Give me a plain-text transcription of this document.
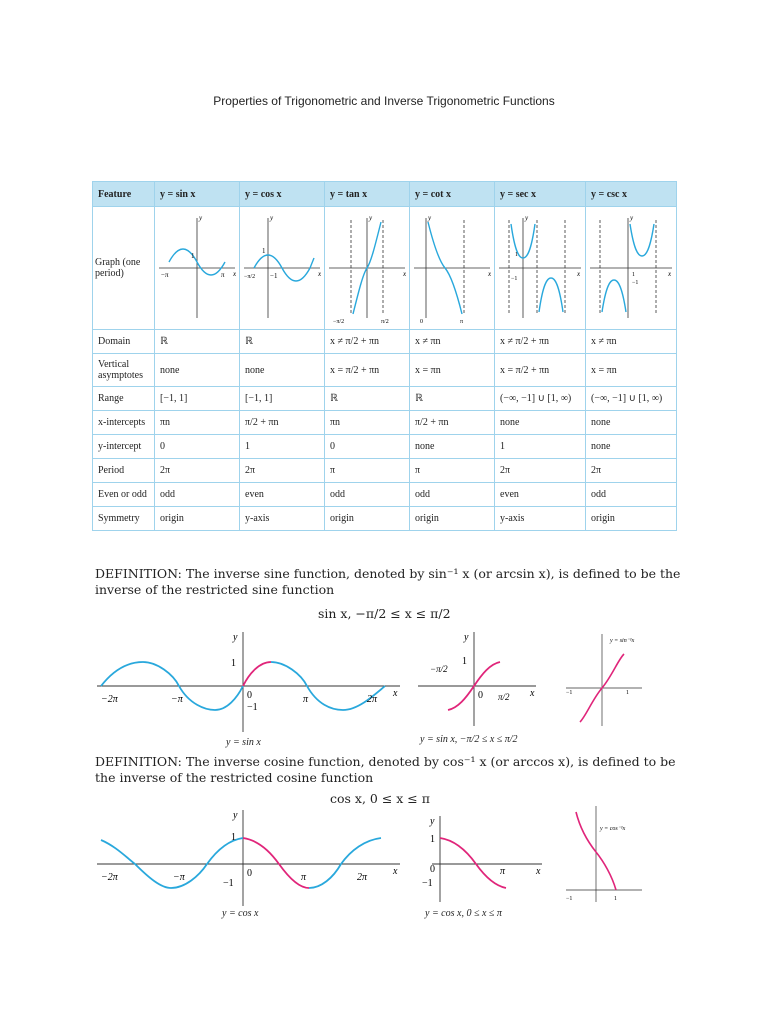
Properties of Trigonometric and Inverse Trigonometric Functions
Feature	y = sin x	y = cos x	y = tan x	y = cot x	y = sec x	y = csc x
Graph (one period)	y
x
1
−π π	y
x
1
−1
−π/2	y
x
−π/2 π/2	y
x
0 π	y
x
1
−1	y
x
1
−1

Domain	ℝ	ℝ	x ≠ π/2 + πn	x ≠ πn	x ≠ π/2 + πn	x ≠ πn
Vertical asymptotes	none	none	x = π/2 + πn	x = πn	x = π/2 + πn	x = πn
Range	[−1, 1]	[−1, 1]	ℝ	ℝ	(−∞, −1] ∪ [1, ∞)	(−∞, −1] ∪ [1, ∞)
x-intercepts	πn	π/2 + πn	πn	π/2 + πn	none	none
y-intercept	0	1	0	none	1	none
Period	2π	2π	π	π	2π	2π
Even or odd	odd	even	odd	odd	even	odd
Symmetry	origin	y-axis	origin	origin	y-axis	origin
DEFINITION: The inverse sine function, denoted by sin⁻¹ x (or arcsin x), is defined to be the inverse of the restricted sine function
sin x, −π/2 ≤ x ≤ π/2
y
x
1
0
−1
−2π	−π	π	2π
y = sin x
y
x
1
0
−π/2
π/2
y = sin x, −π/2 ≤ x ≤ π/2
y = sin⁻¹x
−1	1
DEFINITION: The inverse cosine function, denoted by cos⁻¹ x (or arccos x), is defined to be the inverse of the restricted cosine function
cos x, 0 ≤ x ≤ π
y
x
1
0
−1
−2π	−π	π	2π
y = cos x
y
x
1
0
−1
π
y = cos x, 0 ≤ x ≤ π
y = cos⁻¹x
−1	1
